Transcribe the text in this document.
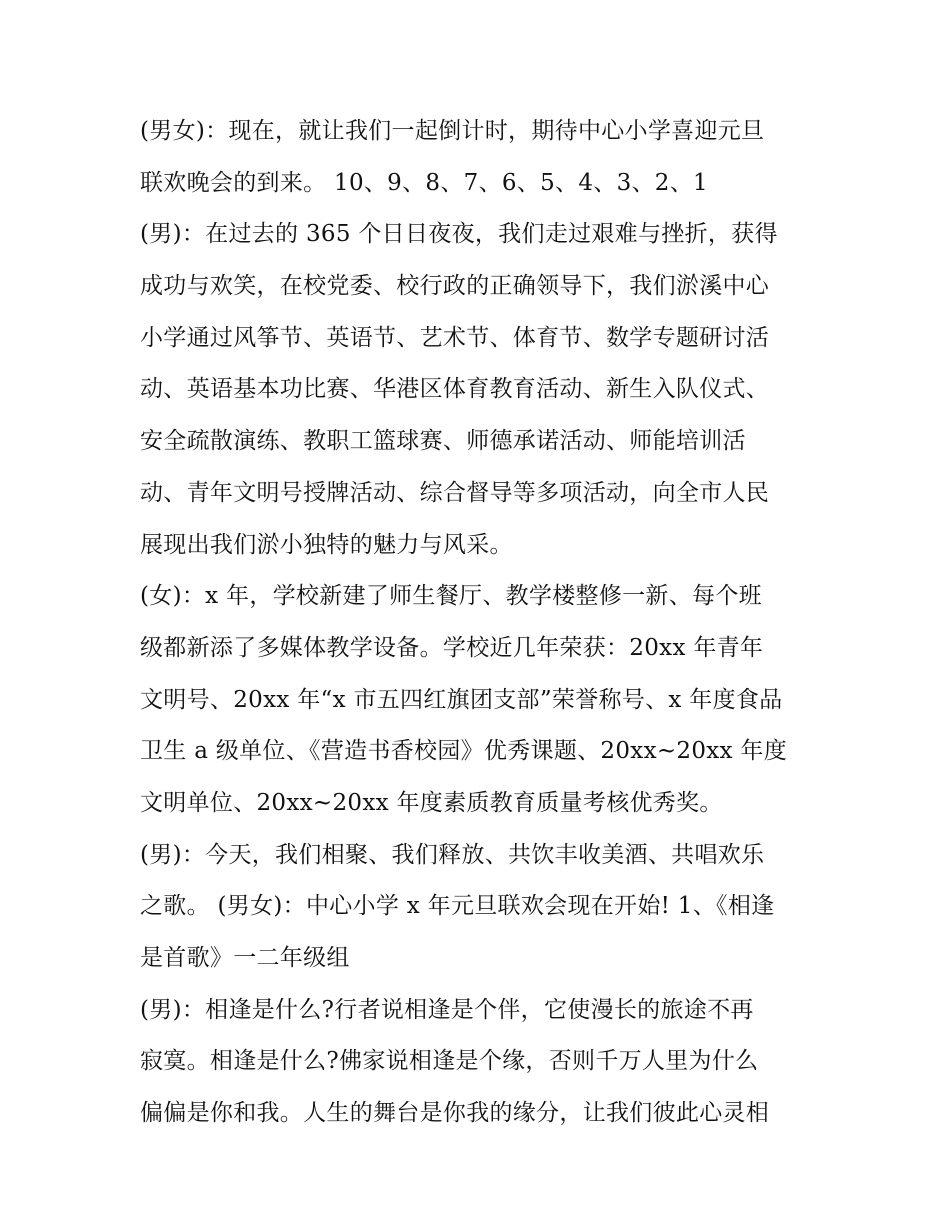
(男女)：现在，就让我们一起倒计时，期待中心小学喜迎元旦
联欢晚会的到来。 10、9、8、7、6、5、4、3、2、1
(男)：在过去的 365 个日日夜夜，我们走过艰难与挫折，获得
成功与欢笑，在校党委、校行政的正确领导下，我们淤溪中心
小学通过风筝节、英语节、艺术节、体育节、数学专题研讨活
动、英语基本功比赛、华港区体育教育活动、新生入队仪式、
安全疏散演练、教职工篮球赛、师德承诺活动、师能培训活
动、青年文明号授牌活动、综合督导等多项活动，向全市人民
展现出我们淤小独特的魅力与风采。
(女)：x 年，学校新建了师生餐厅、教学楼整修一新、每个班
级都新添了多媒体教学设备。学校近几年荣获：20xx 年青年
文明号、20xx 年“x 市五四红旗团支部”荣誉称号、x 年度食品
卫生 a 级单位、《营造书香校园》优秀课题、20xx~20xx 年度
文明单位、20xx~20xx 年度素质教育质量考核优秀奖。
(男)：今天，我们相聚、我们释放、共饮丰收美酒、共唱欢乐
之歌。 (男女)：中心小学 x 年元旦联欢会现在开始! 1、《相逢
是首歌》一二年级组
(男)：相逢是什么?行者说相逢是个伴，它使漫长的旅途不再
寂寞。相逢是什么?佛家说相逢是个缘，否则千万人里为什么
偏偏是你和我。人生的舞台是你我的缘分，让我们彼此心灵相
